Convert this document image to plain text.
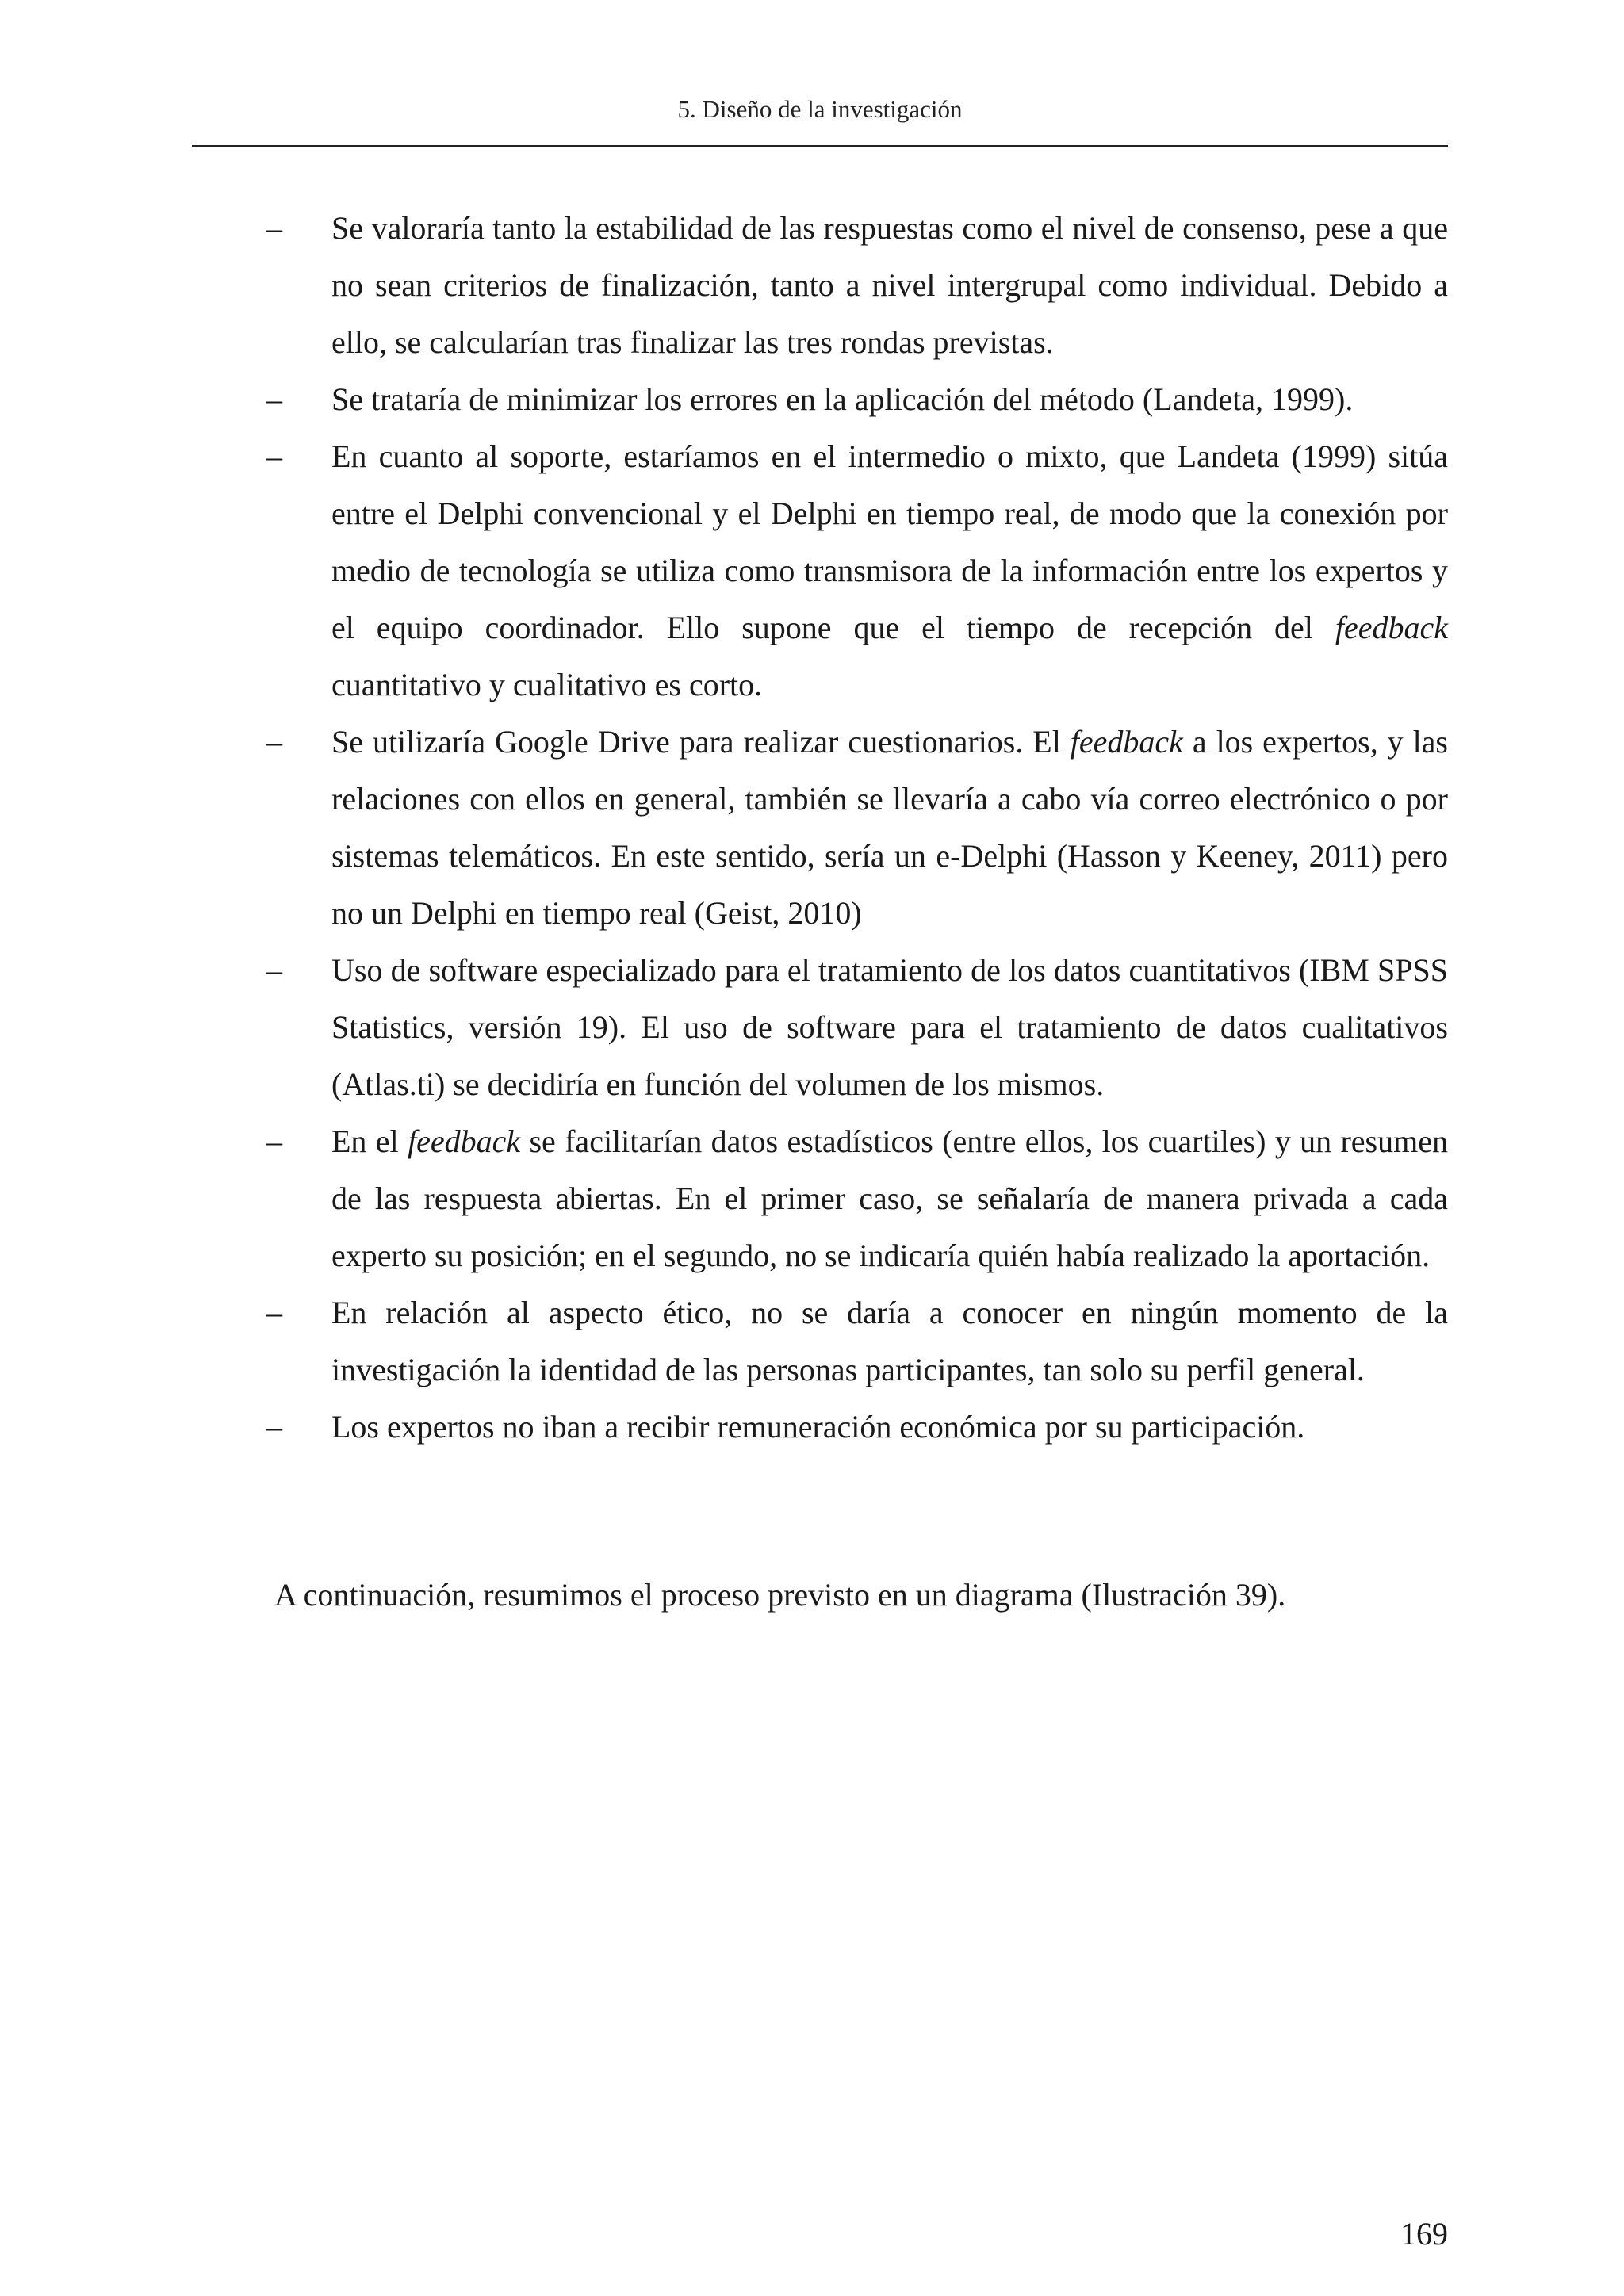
5. Diseño de la investigación
– Se valoraría tanto la estabilidad de las respuestas como el nivel de consenso, pese a que no sean criterios de finalización, tanto a nivel intergrupal como individual. Debido a ello, se calcularían tras finalizar las tres rondas previstas.
– Se trataría de minimizar los errores en la aplicación del método (Landeta, 1999).
– En cuanto al soporte, estaríamos en el intermedio o mixto, que Landeta (1999) sitúa entre el Delphi convencional y el Delphi en tiempo real, de modo que la conexión por medio de tecnología se utiliza como transmisora de la información entre los expertos y el equipo coordinador. Ello supone que el tiempo de recepción del feedback cuantitativo y cualitativo es corto.
– Se utilizaría Google Drive para realizar cuestionarios. El feedback a los expertos, y las relaciones con ellos en general, también se llevaría a cabo vía correo electrónico o por sistemas telemáticos. En este sentido, sería un e-Delphi (Hasson y Keeney, 2011) pero no un Delphi en tiempo real (Geist, 2010)
– Uso de software especializado para el tratamiento de los datos cuantitativos (IBM SPSS Statistics, versión 19). El uso de software para el tratamiento de datos cualitativos (Atlas.ti) se decidiría en función del volumen de los mismos.
– En el feedback se facilitarían datos estadísticos (entre ellos, los cuartiles) y un resumen de las respuesta abiertas. En el primer caso, se señalaría de manera privada a cada experto su posición; en el segundo, no se indicaría quién había realizado la aportación.
– En relación al aspecto ético, no se daría a conocer en ningún momento de la investigación la identidad de las personas participantes, tan solo su perfil general.
– Los expertos no iban a recibir remuneración económica por su participación.

A continuación, resumimos el proceso previsto en un diagrama (Ilustración 39).

169
